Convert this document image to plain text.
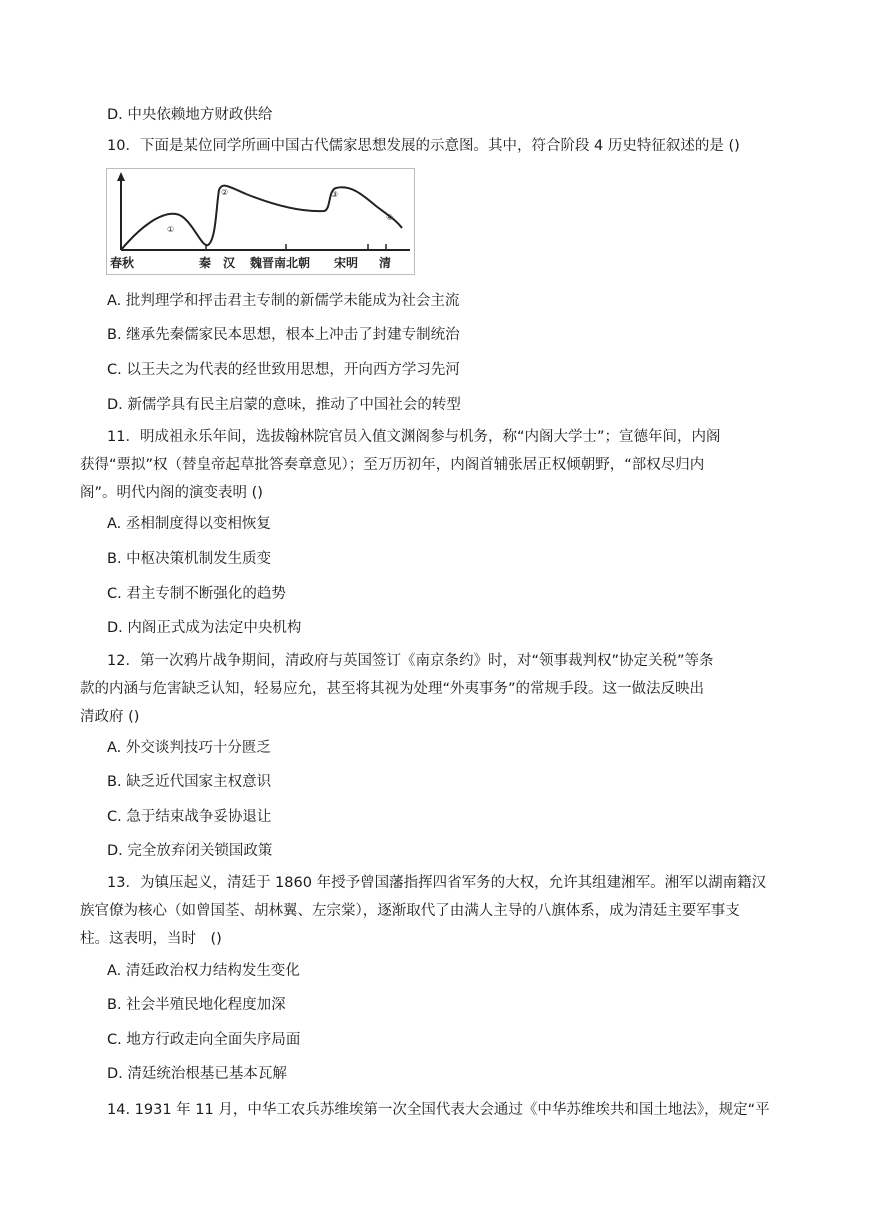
D. 中央依赖地方财政供给
10．下面是某位同学所画中国古代儒家思想发展的示意图。其中，符合阶段 4 历史特征叙述的是 ()
①
②	③
④
春秋	秦 汉 魏晋南北朝 宋明 清
A. 批判理学和抨击君主专制的新儒学未能成为社会主流
B. 继承先秦儒家民本思想，根本上冲击了封建专制统治
C. 以王夫之为代表的经世致用思想，开向西方学习先河
D. 新儒学具有民主启蒙的意味，推动了中国社会的转型
11．明成祖永乐年间，选拔翰林院官员入值文渊阁参与机务，称“内阁大学士”；宣德年间，内阁
获得“票拟”权（替皇帝起草批答奏章意见）；至万历初年，内阁首辅张居正权倾朝野，“部权尽归内
阁”。明代内阁的演变表明 ()
A. 丞相制度得以变相恢复
B. 中枢决策机制发生质变
C. 君主专制不断强化的趋势
D. 内阁正式成为法定中央机构
12．第一次鸦片战争期间，清政府与英国签订《南京条约》时，对“领事裁判权”协定关税”等条
款的内涵与危害缺乏认知，轻易应允，甚至将其视为处理“外夷事务”的常规手段。这一做法反映出
清政府 ()
A. 外交谈判技巧十分匮乏
B. 缺乏近代国家主权意识
C. 急于结束战争妥协退让
D. 完全放弃闭关锁国政策
13．为镇压起义，清廷于 1860 年授予曾国藩指挥四省军务的大权，允许其组建湘军。湘军以湖南籍汉
族官僚为核心（如曾国荃、胡林翼、左宗棠），逐渐取代了由满人主导的八旗体系，成为清廷主要军事支
柱。这表明，当时　()
A. 清廷政治权力结构发生变化
B. 社会半殖民地化程度加深
C. 地方行政走向全面失序局面
D. 清廷统治根基已基本瓦解
14. 1931 年 11 月，中华工农兵苏维埃第一次全国代表大会通过《中华苏维埃共和国土地法》，规定“平
